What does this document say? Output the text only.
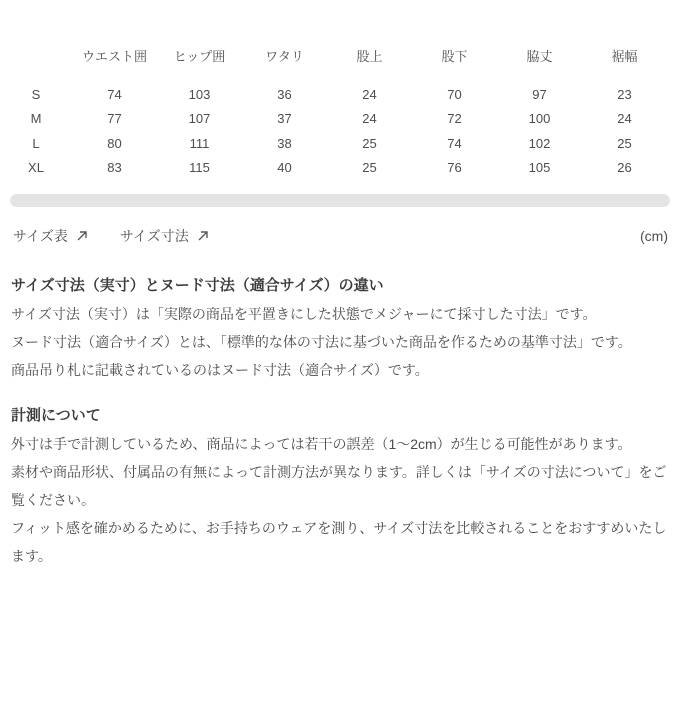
	ウエスト囲	ヒップ囲	ワタリ	股上	股下	脇丈	裾幅
S	74	103	36	24	70	97	23
M	77	107	37	24	72	100	24
L	80	111	38	25	74	102	25
XL	83	115	40	25	76	105	26
サイズ表	サイズ寸法	(cm)
サイズ寸法（実寸）とヌード寸法（適合サイズ）の違い

サイズ寸法（実寸）は「実際の商品を平置きにした状態でメジャーにて採寸した寸法」です。

ヌード寸法（適合サイズ）とは、「標準的な体の寸法に基づいた商品を作るための基準寸法」です。

商品吊り札に記載されているのはヌード寸法（適合サイズ）です。

計測について

外寸は手で計測しているため、商品によっては若干の誤差（1～2cm）が生じる可能性があります。

素材や商品形状、付属品の有無によって計測方法が異なります。詳しくは「サイズの寸法について」をご覧ください。

フィット感を確かめるために、お手持ちのウェアを測り、サイズ寸法を比較されることをおすすめいたします。
